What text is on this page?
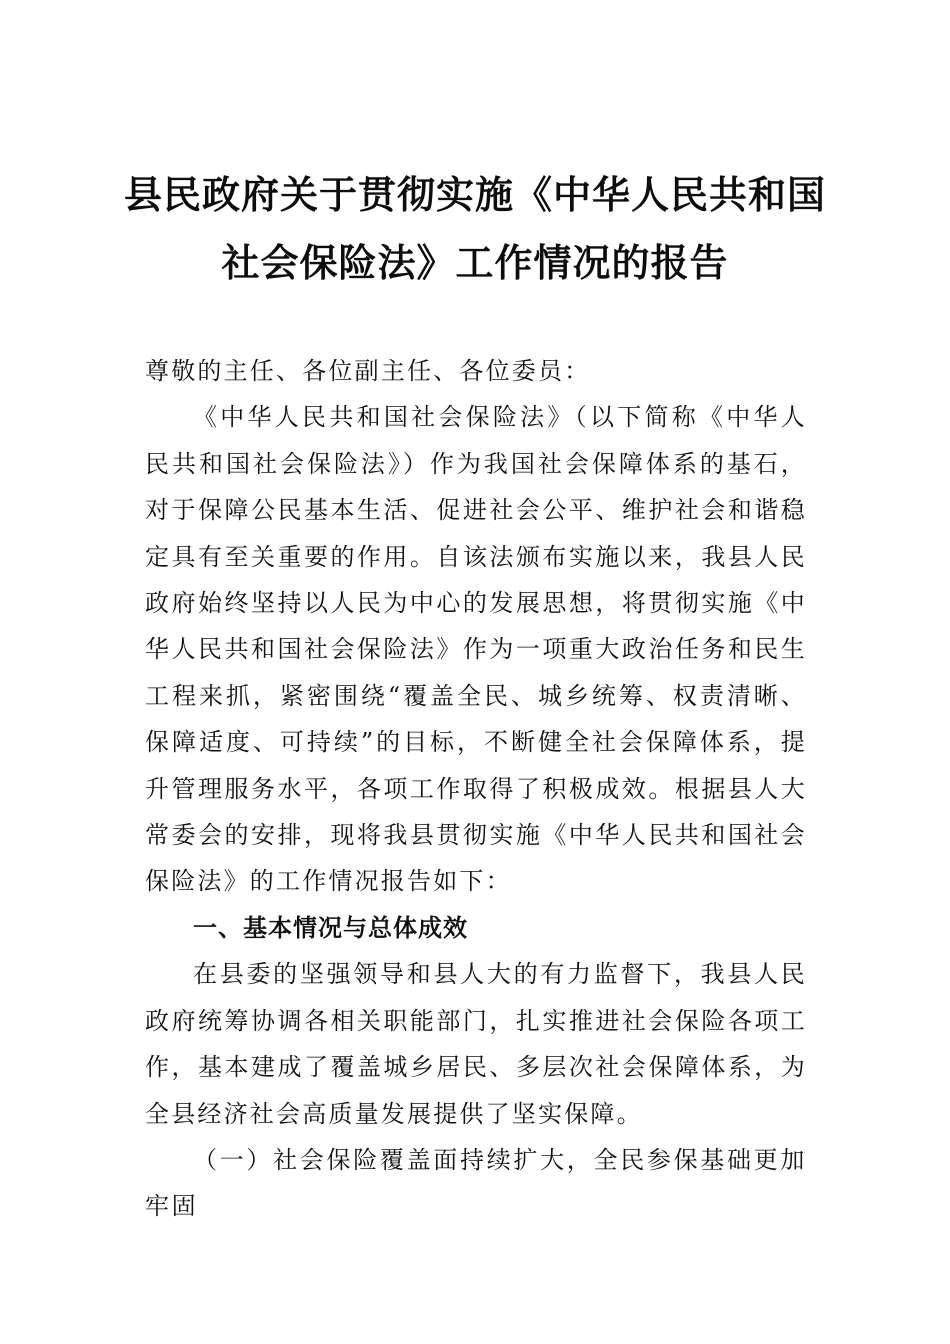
县民政府关于贯彻实施《中华人民共和国
社会保险法》工作情况的报告

尊敬的主任、各位副主任、各位委员：

《中华人民共和国社会保险法》（以下简称《中华人民共和国社会保险法》）作为我国社会保障体系的基石，对于保障公民基本生活、促进社会公平、维护社会和谐稳定具有至关重要的作用。自该法颁布实施以来，我县人民政府始终坚持以人民为中心的发展思想，将贯彻实施《中华人民共和国社会保险法》作为一项重大政治任务和民生工程来抓，紧密围绕“覆盖全民、城乡统筹、权责清晰、保障适度、可持续”的目标，不断健全社会保障体系，提升管理服务水平，各项工作取得了积极成效。根据县人大常委会的安排，现将我县贯彻实施《中华人民共和国社会保险法》的工作情况报告如下：

一、基本情况与总体成效

在县委的坚强领导和县人大的有力监督下，我县人民政府统筹协调各相关职能部门，扎实推进社会保险各项工作，基本建成了覆盖城乡居民、多层次社会保障体系，为全县经济社会高质量发展提供了坚实保障。

（一）社会保险覆盖面持续扩大，全民参保基础更加牢固
